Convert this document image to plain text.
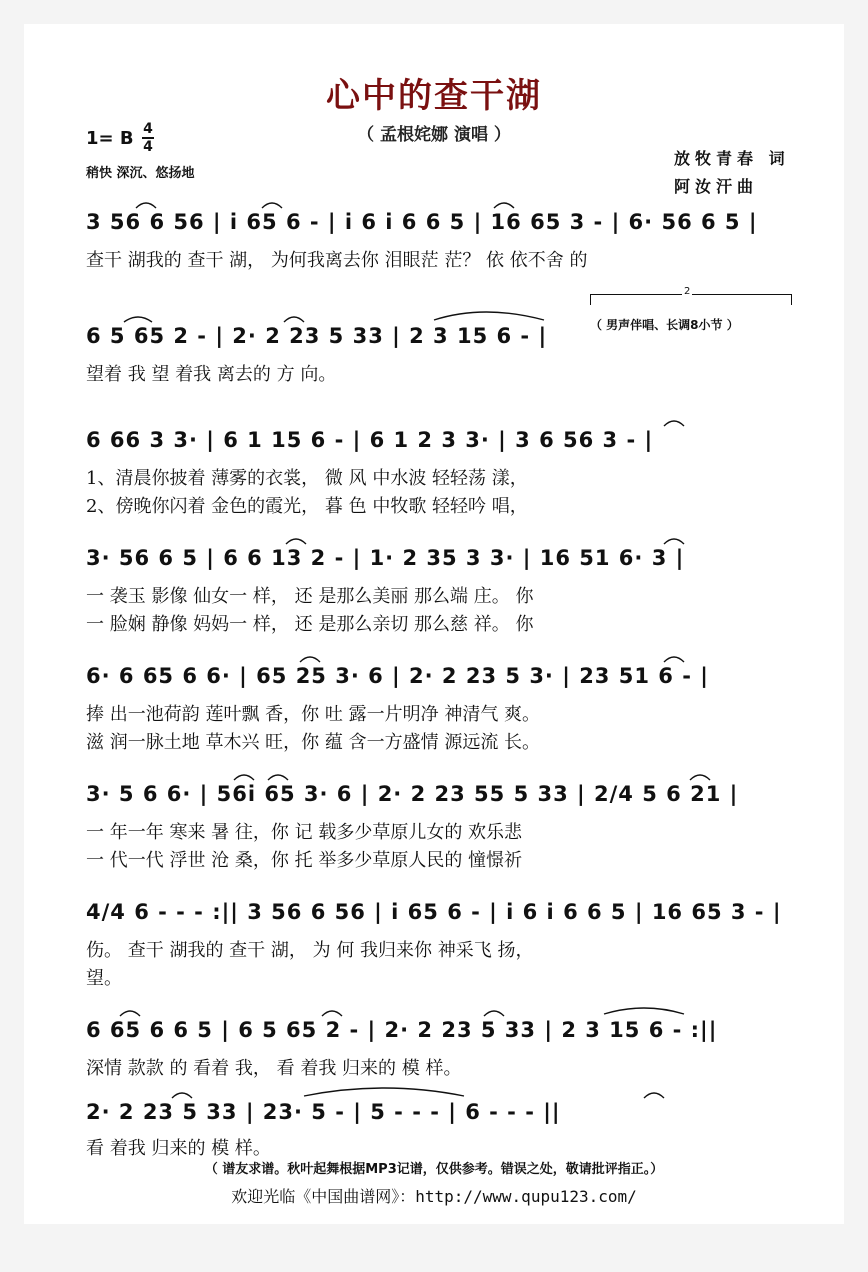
心中的查干湖
（ 孟根姹娜 演唱 ）
1= B 4
4
稍快 深沉、悠扬地
放牧青春 词
阿汝汗曲
3 56 6 56 | i 65 6 - | i 6 i 6 6 5 | 16 65 3 - | 6· 56 6 5 |
查干 湖我的 查干 湖， 为何我离去你 泪眼茫 茫？ 依 依不舍 的
6 5 65 2 - | 2· 2 23 5 33 | 2 3 15 6 - |
2
（ 男声伴唱、长调8小节 ）
望着 我 望 着我 离去的 方 向。
6 66 3 3· | 6 1 15 6 - | 6 1 2 3 3· | 3 6 56 3 - |
1、清晨你披着 薄雾的衣裳， 微 风 中水波 轻轻荡 漾，
2、傍晚你闪着 金色的霞光， 暮 色 中牧歌 轻轻吟 唱，
3· 56 6 5 | 6 6 13 2 - | 1· 2 35 3 3· | 16 51 6· 3 |
一 袭玉 影像 仙女一 样， 还 是那么美丽 那么端 庄。 你
一 脸娴 静像 妈妈一 样， 还 是那么亲切 那么慈 祥。 你
6· 6 65 6 6· | 65 25 3· 6 | 2· 2 23 5 3· | 23 51 6 - |
捧 出一池荷韵 莲叶飘 香，你 吐 露一片明净 神清气 爽。
滋 润一脉土地 草木兴 旺，你 蕴 含一方盛情 源远流 长。
3· 5 6 6· | 56i 65 3· 6 | 2· 2 23 55 5 33 | 2/4 5 6 21 |
一 年一年 寒来 暑 往，你 记 载多少草原儿女的 欢乐悲
一 代一代 浮世 沧 桑，你 托 举多少草原人民的 憧憬祈
4/4 6 - - - :|| 3 56 6 56 | i 65 6 - | i 6 i 6 6 5 | 16 65 3 - |
伤。 查干 湖我的 查干 湖， 为 何 我归来你 神采飞 扬，
望。
6 65 6 6 5 | 6 5 65 2 - | 2· 2 23 5 33 | 2 3 15 6 - :||
深情 款款 的 看着 我， 看 着我 归来的 模 样。
2· 2 23 5 33 | 23· 5 - | 5 - - - | 6 - - - ||
看 着我 归来的 模 样。
（ 谱友求谱。秋叶起舞根据MP3记谱，仅供参考。错误之处，敬请批评指正。）
欢迎光临《中国曲谱网》：http://www.qupu123.com/
